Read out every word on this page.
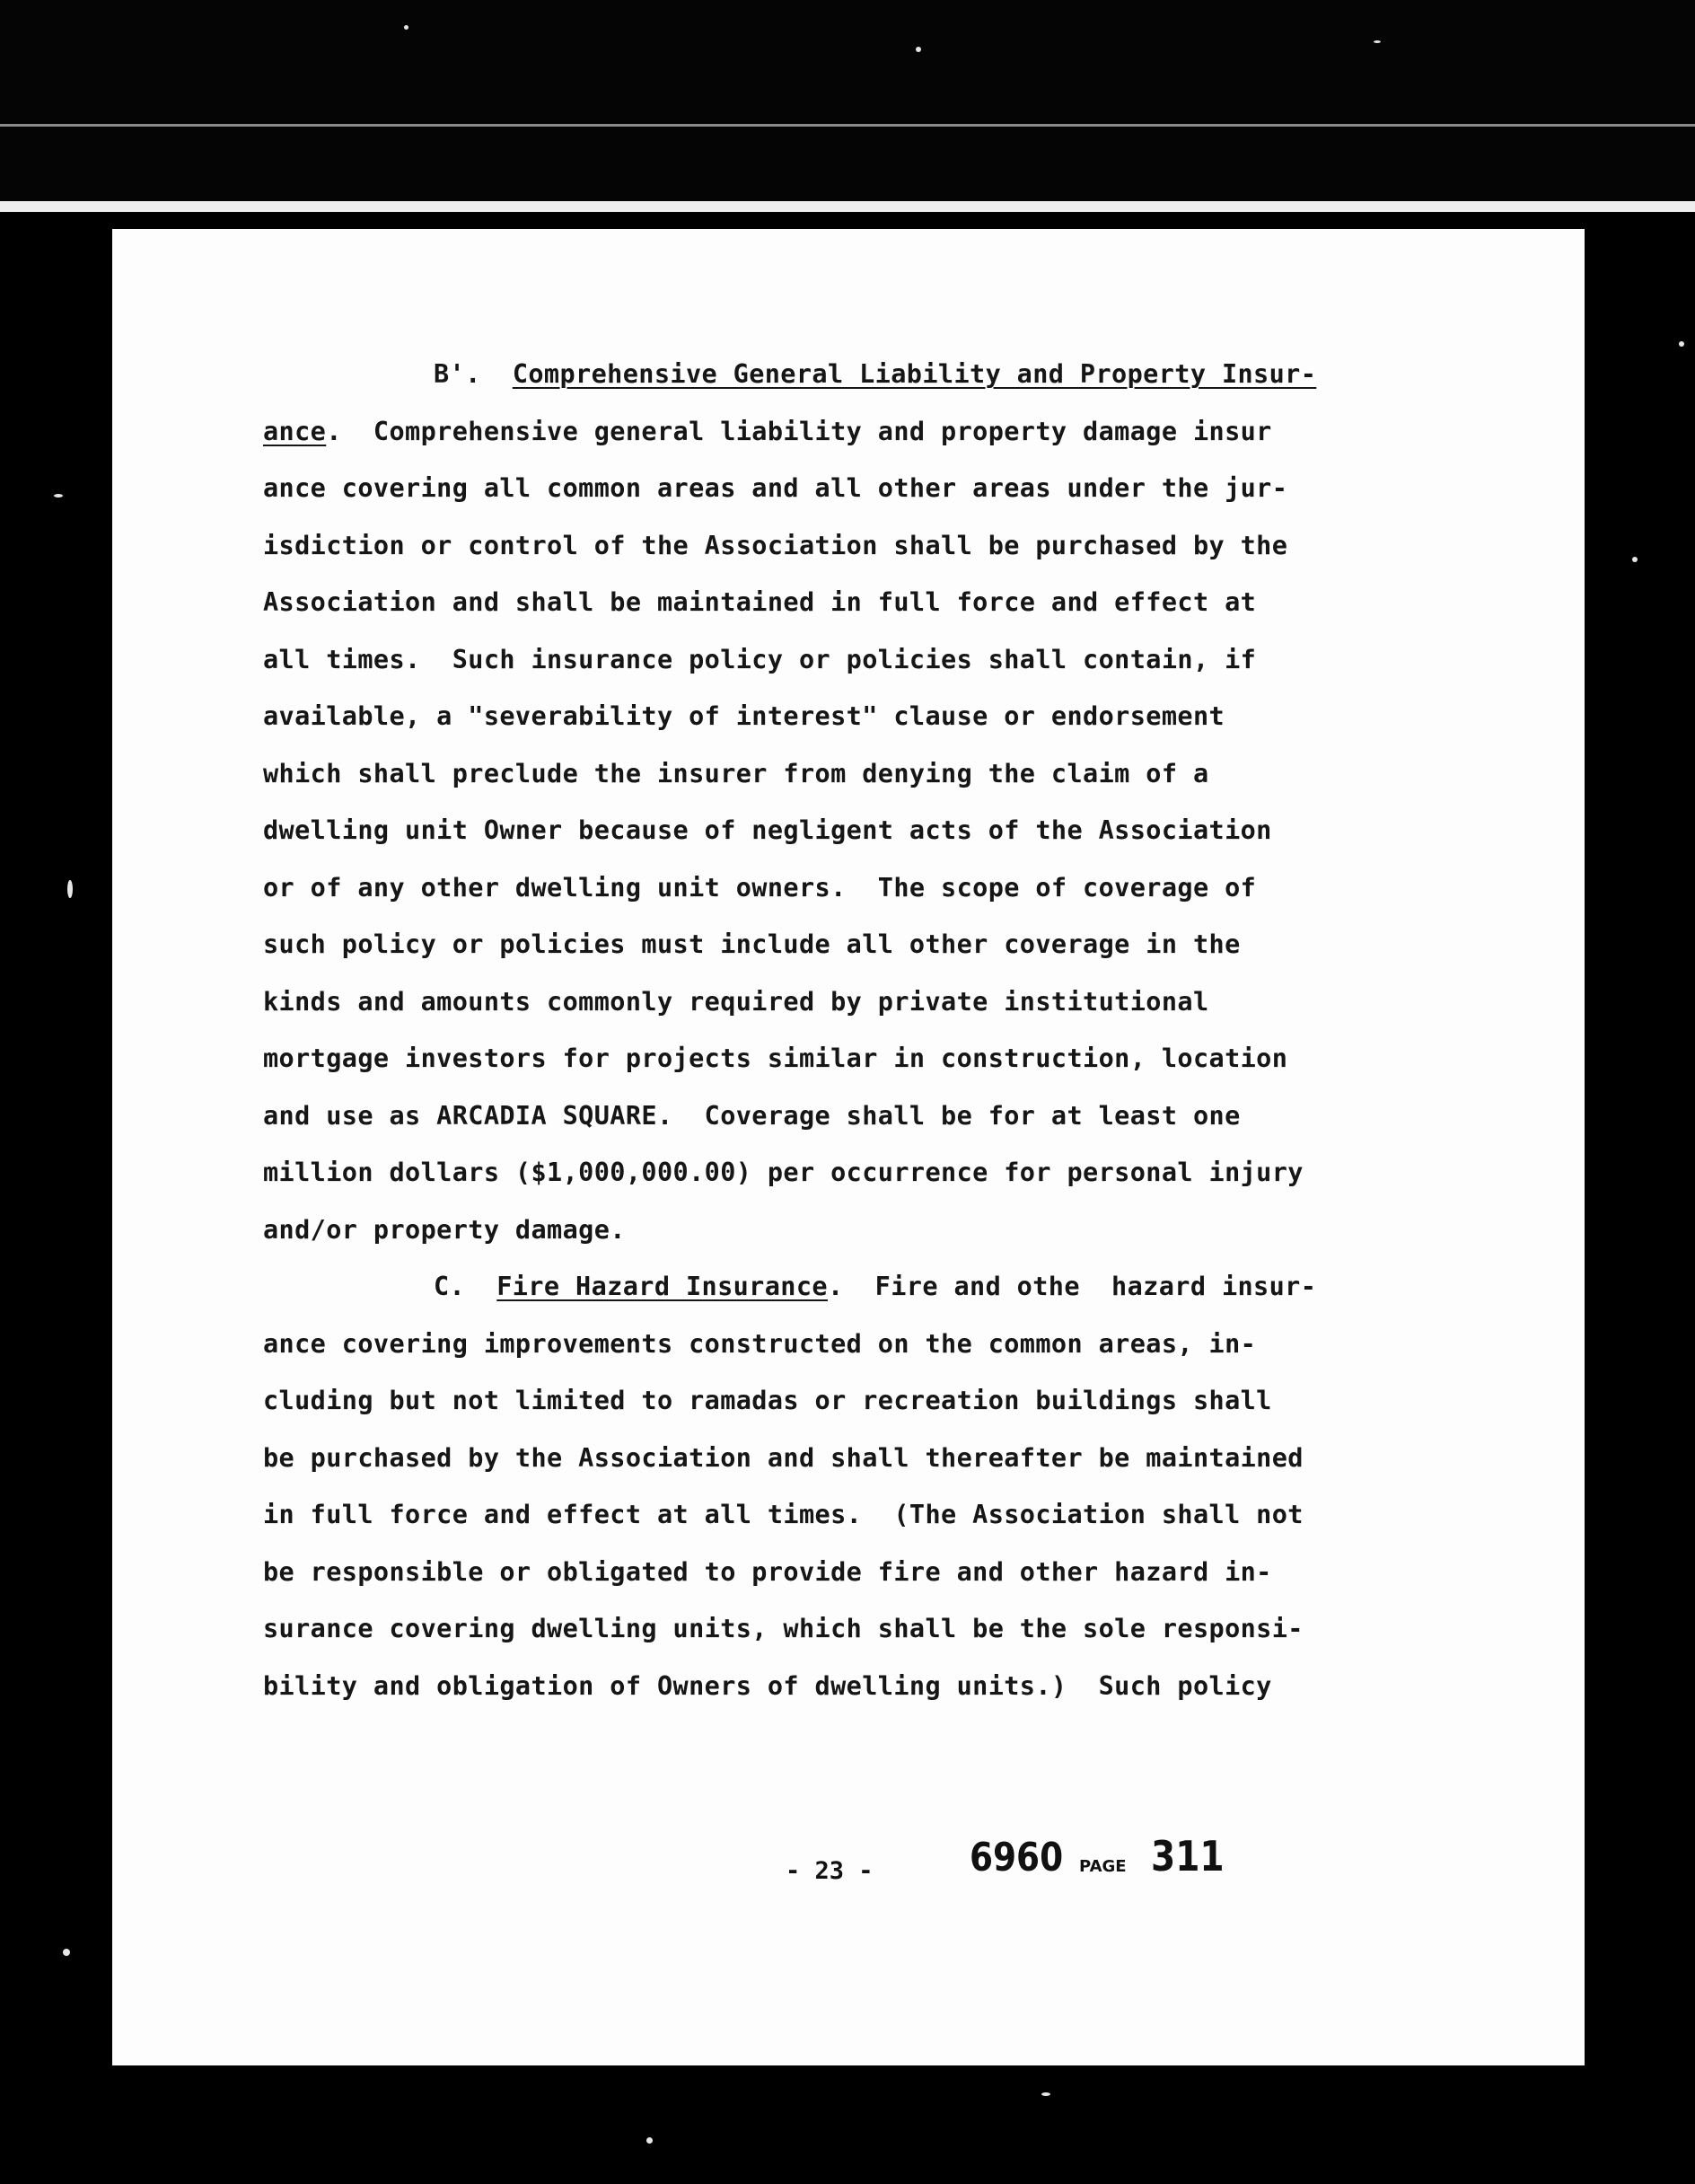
B'. Comprehensive General Liability and Property Insur-
ance.  Comprehensive general liability and property damage insur
ance covering all common areas and all other areas under the jur-
isdiction or control of the Association shall be purchased by the
Association and shall be maintained in full force and effect at
all times.  Such insurance policy or policies shall contain, if
available, a "severability of interest" clause or endorsement
which shall preclude the insurer from denying the claim of a
dwelling unit Owner because of negligent acts of the Association
or of any other dwelling unit owners.  The scope of coverage of
such policy or policies must include all other coverage in the
kinds and amounts commonly required by private institutional
mortgage investors for projects similar in construction, location
and use as ARCADIA SQUARE.  Coverage shall be for at least one
million dollars ($1,000,000.00) per occurrence for personal injury
and/or property damage.
C. Fire Hazard Insurance.  Fire and othe  hazard insur-
ance covering improvements constructed on the common areas, in-
cluding but not limited to ramadas or recreation buildings shall
be purchased by the Association and shall thereafter be maintained
in full force and effect at all times.  (The Association shall not
be responsible or obligated to provide fire and other hazard in-
surance covering dwelling units, which shall be the sole responsi-
bility and obligation of Owners of dwelling units.)  Such policy
- 23 - 6960 PAGE 311
